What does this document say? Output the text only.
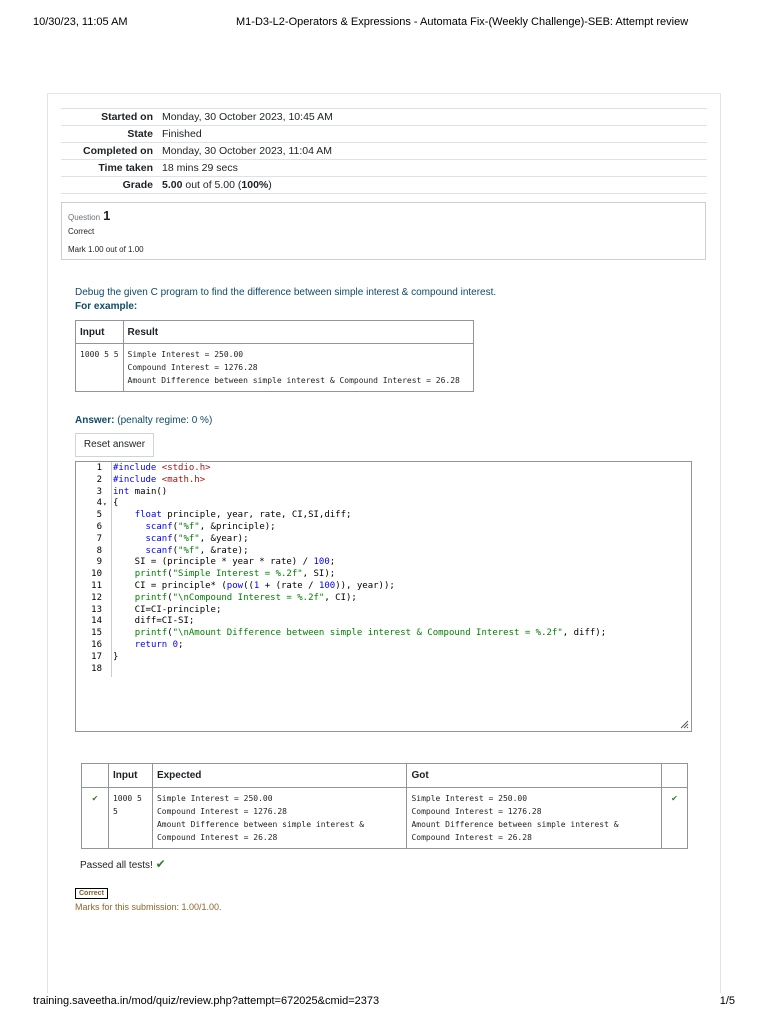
10/30/23, 11:05 AM	M1-D3-L2-Operators & Expressions - Automata Fix-(Weekly Challenge)-SEB: Attempt review
Started on	Monday, 30 October 2023, 10:45 AM
State	Finished
Completed on	Monday, 30 October 2023, 11:04 AM
Time taken	18 mins 29 secs
Grade	5.00 out of 5.00 (100%)
Question 1
Correct
Mark 1.00 out of 1.00
Debug the given C program to find the difference between simple interest & compound interest.
For example:
Input	Result
1000 5 5	Simple Interest = 250.00
Compound Interest = 1276.28
Amount Difference between simple interest & Compound Interest = 26.28
Answer: (penalty regime: 0 %)
Reset answer
1
2
3
4 ▾
5
6
7
8
9
10
11
12
13
14
15
16
17
18
#include <stdio.h>
#include <math.h>
int main()
{
float principle, year, rate, CI,SI,diff;
scanf("%f", &principle);
scanf("%f", &year);
scanf("%f", &rate);
SI = (principle * year * rate) / 100;
printf("Simple Interest = %.2f", SI);
CI = principle* (pow((1 + (rate / 100)), year));
printf("\nCompound Interest = %.2f", CI);
CI=CI-principle;
diff=CI-SI;
printf("\nAmount Difference between simple interest & Compound Interest = %.2f", diff);
return 0;
}
	Input	Expected	Got	
✔	1000 5 5	Simple Interest = 250.00
Compound Interest = 1276.28
Amount Difference between simple interest & Compound Interest = 26.28	Simple Interest = 250.00
Compound Interest = 1276.28
Amount Difference between simple interest & Compound Interest = 26.28	✔
Passed all tests! ✔
Correct
Marks for this submission: 1.00/1.00.
training.saveetha.in/mod/quiz/review.php?attempt=672025&cmid=2373	1/5
